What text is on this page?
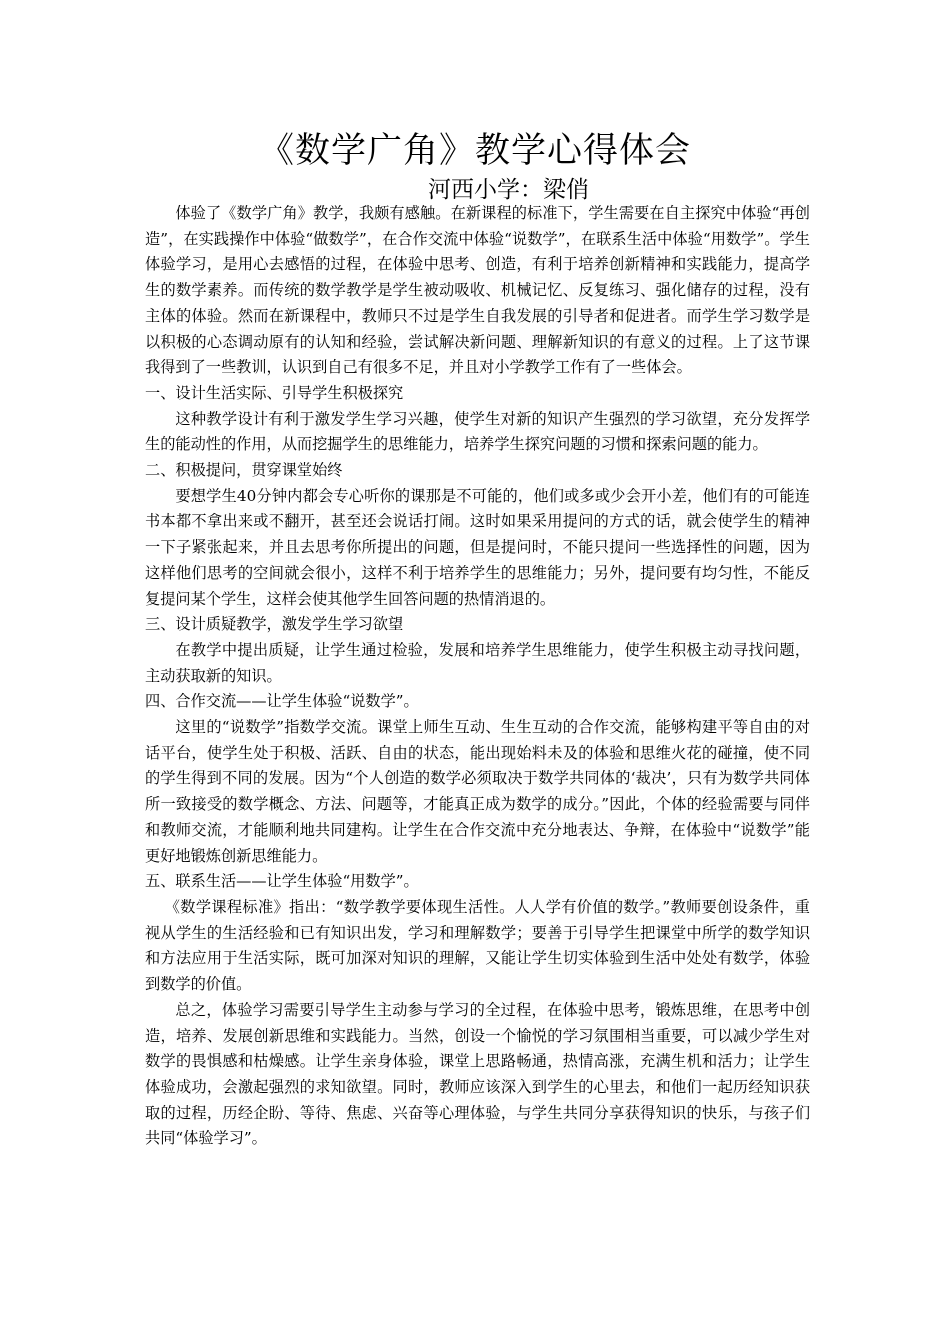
《数学广角》教学心得体会
河西小学：梁俏

体验了《数学广角》教学，我颇有感触。在新课程的标准下，学生需要在自主探究中体验“再创造”，在实践操作中体验“做数学”，在合作交流中体验“说数学”，在联系生活中体验“用数学”。学生体验学习，是用心去感悟的过程，在体验中思考、创造，有利于培养创新精神和实践能力，提高学生的数学素养。而传统的数学教学是学生被动吸收、机械记忆、反复练习、强化储存的过程，没有主体的体验。然而在新课程中，教师只不过是学生自我发展的引导者和促进者。而学生学习数学是以积极的心态调动原有的认知和经验，尝试解决新问题、理解新知识的有意义的过程。上了这节课我得到了一些教训，认识到自己有很多不足，并且对小学教学工作有了一些体会。

一、设计生活实际、引导学生积极探究

这种教学设计有利于激发学生学习兴趣，使学生对新的知识产生强烈的学习欲望，充分发挥学生的能动性的作用，从而挖掘学生的思维能力，培养学生探究问题的习惯和探索问题的能力。

二、积极提问，贯穿课堂始终

要想学生40分钟内都会专心听你的课那是不可能的，他们或多或少会开小差，他们有的可能连书本都不拿出来或不翻开，甚至还会说话打闹。这时如果采用提问的方式的话，就会使学生的精神一下子紧张起来，并且去思考你所提出的问题，但是提问时，不能只提问一些选择性的问题，因为这样他们思考的空间就会很小，这样不利于培养学生的思维能力；另外，提问要有均匀性，不能反复提问某个学生，这样会使其他学生回答问题的热情消退的。

三、设计质疑教学，激发学生学习欲望

在教学中提出质疑，让学生通过检验，发展和培养学生思维能力，使学生积极主动寻找问题，主动获取新的知识。

四、合作交流——让学生体验“说数学”。

这里的“说数学”指数学交流。课堂上师生互动、生生互动的合作交流，能够构建平等自由的对话平台，使学生处于积极、活跃、自由的状态，能出现始料未及的体验和思维火花的碰撞，使不同的学生得到不同的发展。因为“个人创造的数学必须取决于数学共同体的‘裁决’，只有为数学共同体所一致接受的数学概念、方法、问题等，才能真正成为数学的成分。”因此，个体的经验需要与同伴和教师交流，才能顺利地共同建构。让学生在合作交流中充分地表达、争辩，在体验中“说数学”能更好地锻炼创新思维能力。

五、联系生活——让学生体验“用数学”。

《数学课程标准》指出：“数学教学要体现生活性。人人学有价值的数学。”教师要创设条件，重视从学生的生活经验和已有知识出发，学习和理解数学；要善于引导学生把课堂中所学的数学知识和方法应用于生活实际，既可加深对知识的理解，又能让学生切实体验到生活中处处有数学，体验到数学的价值。

总之，体验学习需要引导学生主动参与学习的全过程，在体验中思考，锻炼思维，在思考中创造，培养、发展创新思维和实践能力。当然，创设一个愉悦的学习氛围相当重要，可以减少学生对数学的畏惧感和枯燥感。让学生亲身体验，课堂上思路畅通，热情高涨，充满生机和活力；让学生体验成功，会激起强烈的求知欲望。同时，教师应该深入到学生的心里去，和他们一起历经知识获取的过程，历经企盼、等待、焦虑、兴奋等心理体验，与学生共同分享获得知识的快乐，与孩子们共同“体验学习”。
